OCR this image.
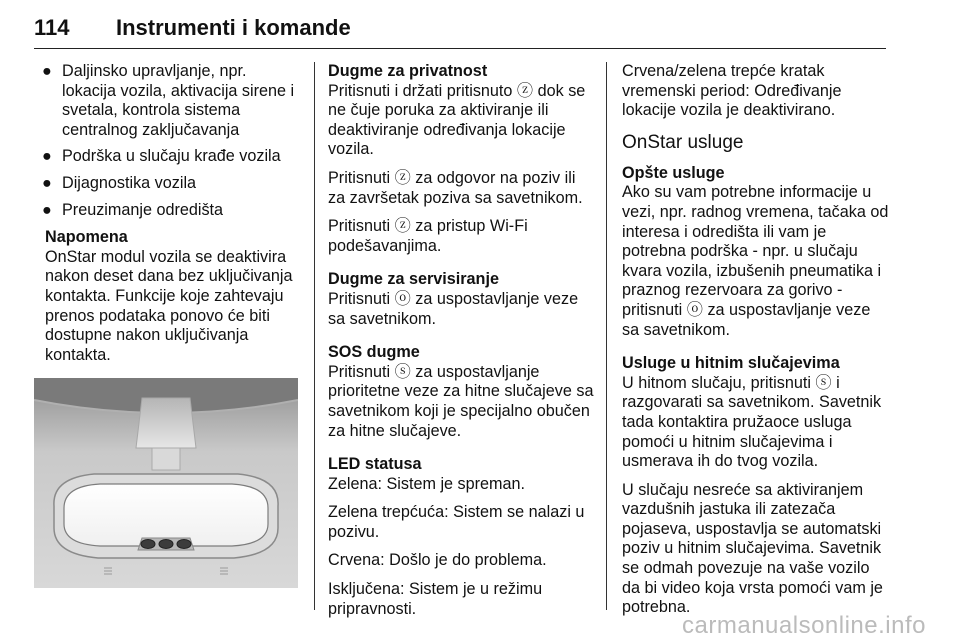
114 Instrumenti i komande
● Daljinsko upravljanje, npr. lokacija vozila, aktivacija sirene i svetala, kontrola sistema centralnog zaključavanja
● Podrška u slučaju krađe vozila
● Dijagnostika vozila
● Preuzimanje odredišta
Napomena
OnStar modul vozila se deaktivira nakon deset dana bez uključivanja kontakta. Funkcije koje zahtevaju prenos podataka ponovo će biti dostupne nakon uključivanja kontakta.
Dugme za privatnost

Pritisnuti i držati pritisnuto ⓩ dok se ne čuje poruka za aktiviranje ili deaktiviranje određivanja lokacije vozila.

Pritisnuti ⓩ za odgovor na poziv ili za završetak poziva sa savetnikom.

Pritisnuti ⓩ za pristup Wi-Fi podešavanjima.

Dugme za servisiranje

Pritisnuti ⓞ za uspostavljanje veze sa savetnikom.

SOS dugme

Pritisnuti ⓢ za uspostavljanje prioritetne veze za hitne slučajeve sa savetnikom koji je specijalno obučen za hitne slučajeve.

LED statusa

Zelena: Sistem je spreman.

Zelena trepćuća: Sistem se nalazi u pozivu.

Crvena: Došlo je do problema.

Isključena: Sistem je u režimu pripravnosti.

Crvena/zelena trepće kratak vremenski period: Određivanje lokacije vozila je deaktivirano.

OnStar usluge
Opšte usluge

Ako su vam potrebne informacije u vezi, npr. radnog vremena, tačaka od interesa i odredišta ili vam je potrebna podrška - npr. u slučaju kvara vozila, izbušenih pneumatika i praznog rezervoara za gorivo - pritisnuti ⓞ za uspostavljanje veze sa savetnikom.

Usluge u hitnim slučajevima

U hitnom slučaju, pritisnuti ⓢ i razgovarati sa savetnikom. Savetnik tada kontaktira pružaoce usluga pomoći u hitnim slučajevima i usmerava ih do tvog vozila.

U slučaju nesreće sa aktiviranjem vazdušnih jastuka ili zatezača pojaseva, uspostavlja se automatski poziv u hitnim slučajevima. Savetnik se odmah povezuje na vaše vozilo da bi video koja vrsta pomoći vam je potrebna.

carmanualsonline.info
